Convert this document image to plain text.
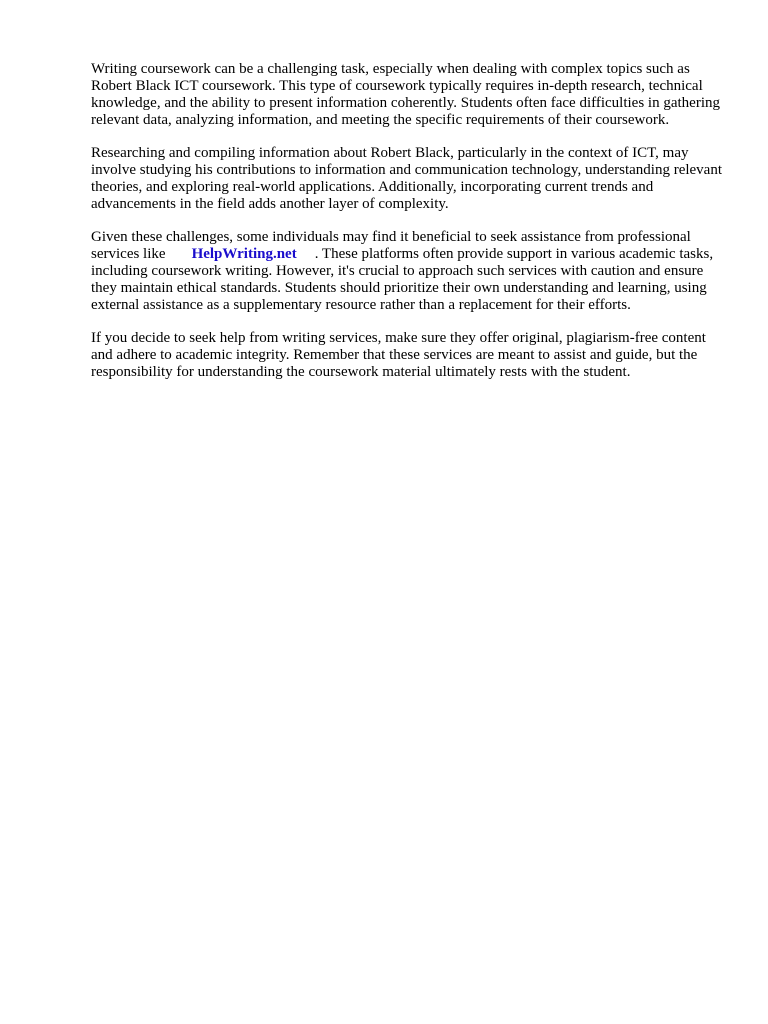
Writing coursework can be a challenging task, especially when dealing with complex topics such as Robert Black ICT coursework. This type of coursework typically requires in-depth research, technical knowledge, and the ability to present information coherently. Students often face difficulties in gathering relevant data, analyzing information, and meeting the specific requirements of their coursework.

Researching and compiling information about Robert Black, particularly in the context of ICT, may involve studying his contributions to information and communication technology, understanding relevant theories, and exploring real-world applications. Additionally, incorporating current trends and advancements in the field adds another layer of complexity.

Given these challenges, some individuals may find it beneficial to seek assistance from professional services like HelpWriting.net . These platforms often provide support in various academic tasks, including coursework writing. However, it's crucial to approach such services with caution and ensure they maintain ethical standards. Students should prioritize their own understanding and learning, using external assistance as a supplementary resource rather than a replacement for their efforts.

If you decide to seek help from writing services, make sure they offer original, plagiarism-free content and adhere to academic integrity. Remember that these services are meant to assist and guide, but the responsibility for understanding the coursework material ultimately rests with the student.
